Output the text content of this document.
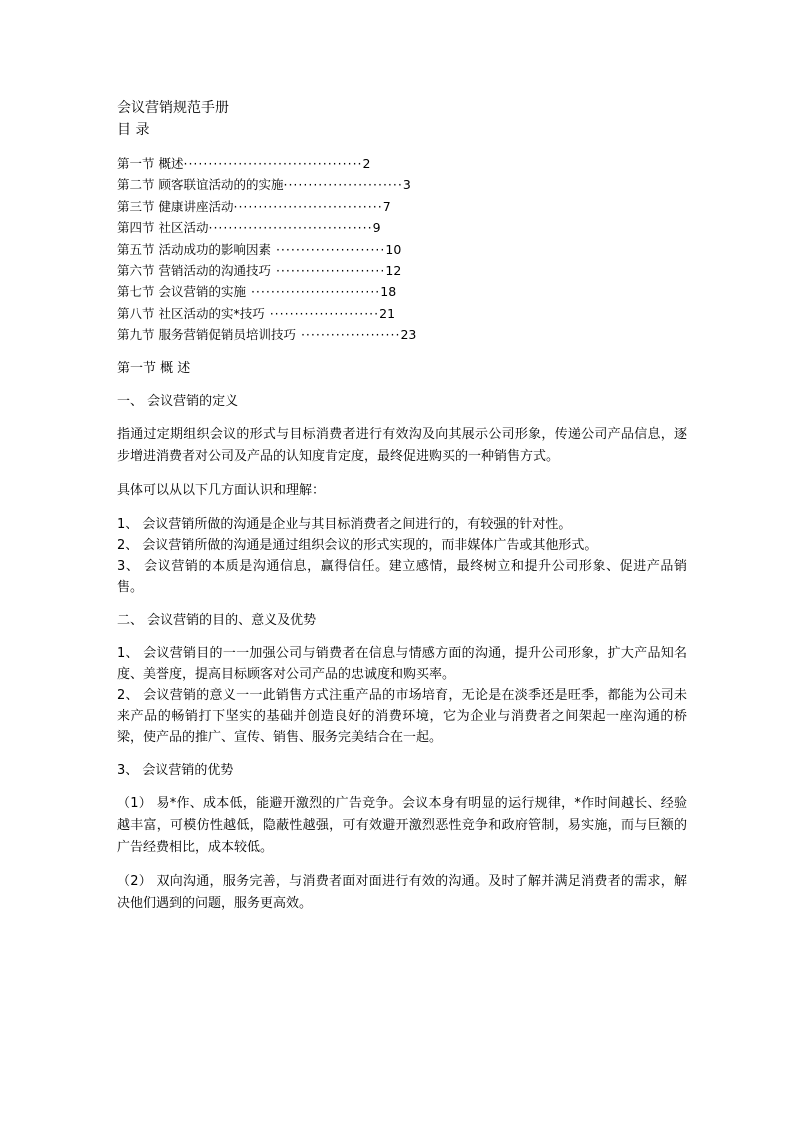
会议营销规范手册
目 录
第一节 概述····································2
第二节 顾客联谊活动的的实施························3
第三节 健康讲座活动······························7
第四节 社区活动·································9
第五节 活动成功的影响因素 ······················10
第六节 营销活动的沟通技巧 ······················12
第七节 会议营销的实施 ··························18
第八节 社区活动的实*技巧 ······················21
第九节 服务营销促销员培训技巧 ····················23
第一节 概 述
一、 会议营销的定义

指通过定期组织会议的形式与目标消费者进行有效沟及向其展示公司形象，传递公司产品信息，逐步增进消费者对公司及产品的认知度肯定度，最终促进购买的一种销售方式。

具体可以从以下几方面认识和理解：

1、 会议营销所做的沟通是企业与其目标消费者之间进行的，有较强的针对性。
2、 会议营销所做的沟通是通过组织会议的形式实现的，而非媒体广告或其他形式。
3、 会议营销的本质是沟通信息，赢得信任。建立感情，最终树立和提升公司形象、促进产品销售。
二、 会议营销的目的、意义及优势
1、 会议营销目的一一加强公司与销费者在信息与情感方面的沟通，提升公司形象，扩大产品知名度、美誉度，提高目标顾客对公司产品的忠诚度和购买率。
2、 会议营销的意义一一此销售方式注重产品的市场培育，无论是在淡季还是旺季，都能为公司未来产品的畅销打下坚实的基础并创造良好的消费环境，它为企业与消费者之间架起一座沟通的桥梁，使产品的推广、宣传、销售、服务完美结合在一起。
3、 会议营销的优势

（1） 易*作、成本低，能避开激烈的广告竞争。会议本身有明显的运行规律，*作时间越长、经验越丰富，可模仿性越低，隐蔽性越强，可有效避开激烈恶性竞争和政府管制，易实施，而与巨额的广告经费相比，成本较低。

（2） 双向沟通，服务完善，与消费者面对面进行有效的沟通。及时了解并满足消费者的需求，解决他们遇到的问题，服务更高效。
